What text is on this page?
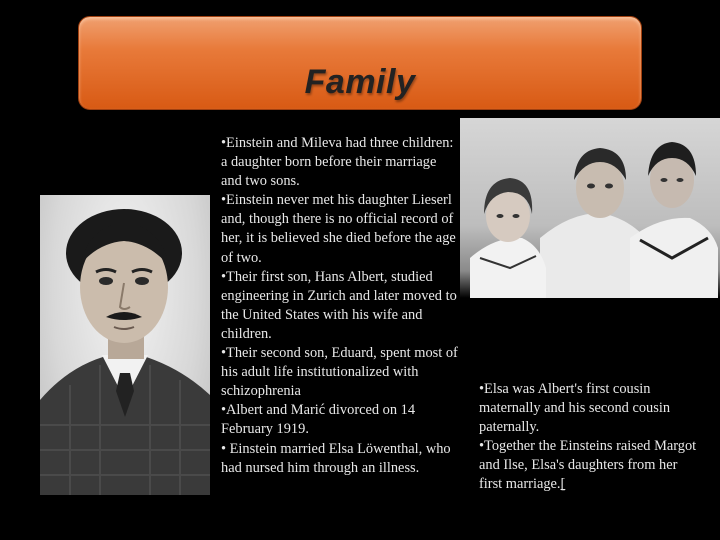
Family

•Einstein and Mileva had three children: a daughter born before their marriage and two sons.

•Einstein never met his daughter Lieserl and, though there is no official record of her, it is believed she died before the age of two.

•Their first son, Hans Albert, studied engineering in Zurich and later moved to the United States with his wife and children.

•Their second son, Eduard, spent most of his adult life institutionalized with schizophrenia

•Albert and Marić divorced on 14 February 1919.

• Einstein married Elsa Löwenthal, who had nursed him through an illness.

•Elsa was Albert's first cousin maternally and his second cousin paternally.

•Together the Einsteins raised Margot and Ilse, Elsa's daughters from her first marriage.[
